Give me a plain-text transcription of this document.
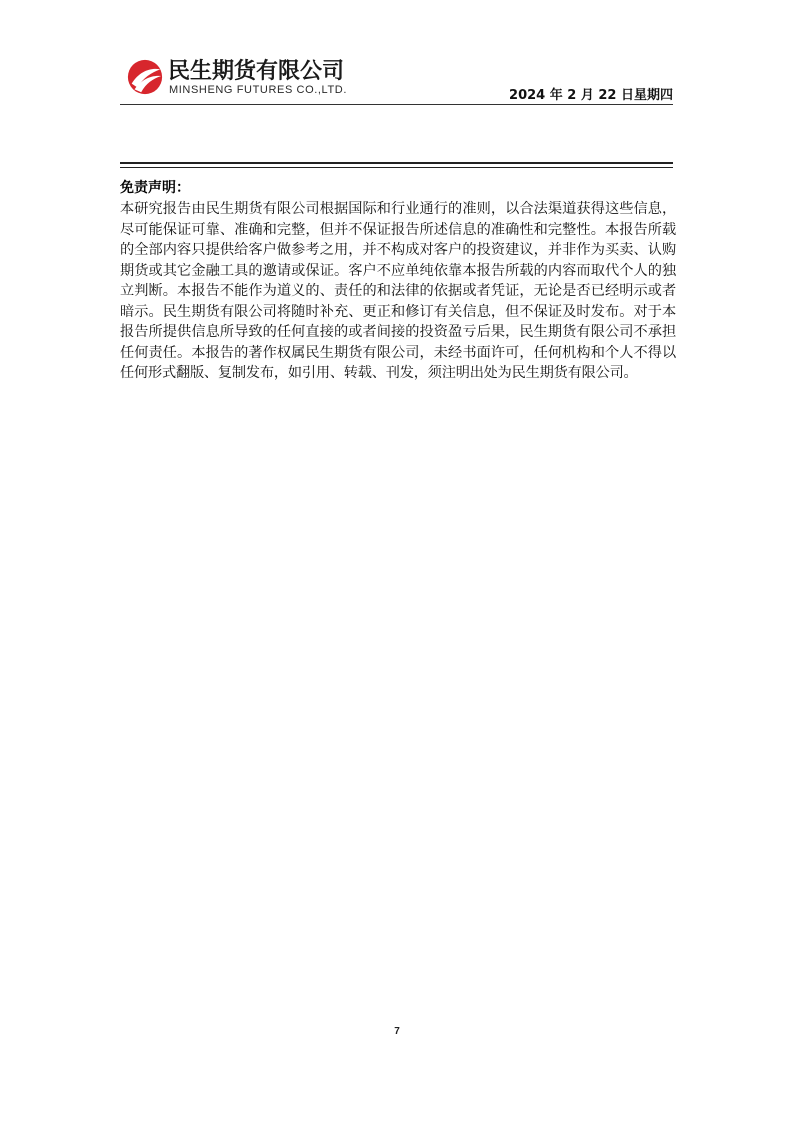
民生期货有限公司
MINSHENG FUTURES CO.,LTD.	2024 年 2 月 22 日星期四
免责声明：
本研究报告由民生期货有限公司根据国际和行业通行的准则，以合法渠道获得这些信息，尽可能保证可靠、准确和完整，但并不保证报告所述信息的准确性和完整性。本报告所载的全部内容只提供给客户做参考之用，并不构成对客户的投资建议，并非作为买卖、认购期货或其它金融工具的邀请或保证。客户不应单纯依靠本报告所载的内容而取代个人的独立判断。本报告不能作为道义的、责任的和法律的依据或者凭证，无论是否已经明示或者暗示。民生期货有限公司将随时补充、更正和修订有关信息，但不保证及时发布。对于本报告所提供信息所导致的任何直接的或者间接的投资盈亏后果，民生期货有限公司不承担任何责任。本报告的著作权属民生期货有限公司，未经书面许可，任何机构和个人不得以任何形式翻版、复制发布，如引用、转载、刊发，须注明出处为民生期货有限公司。
7
